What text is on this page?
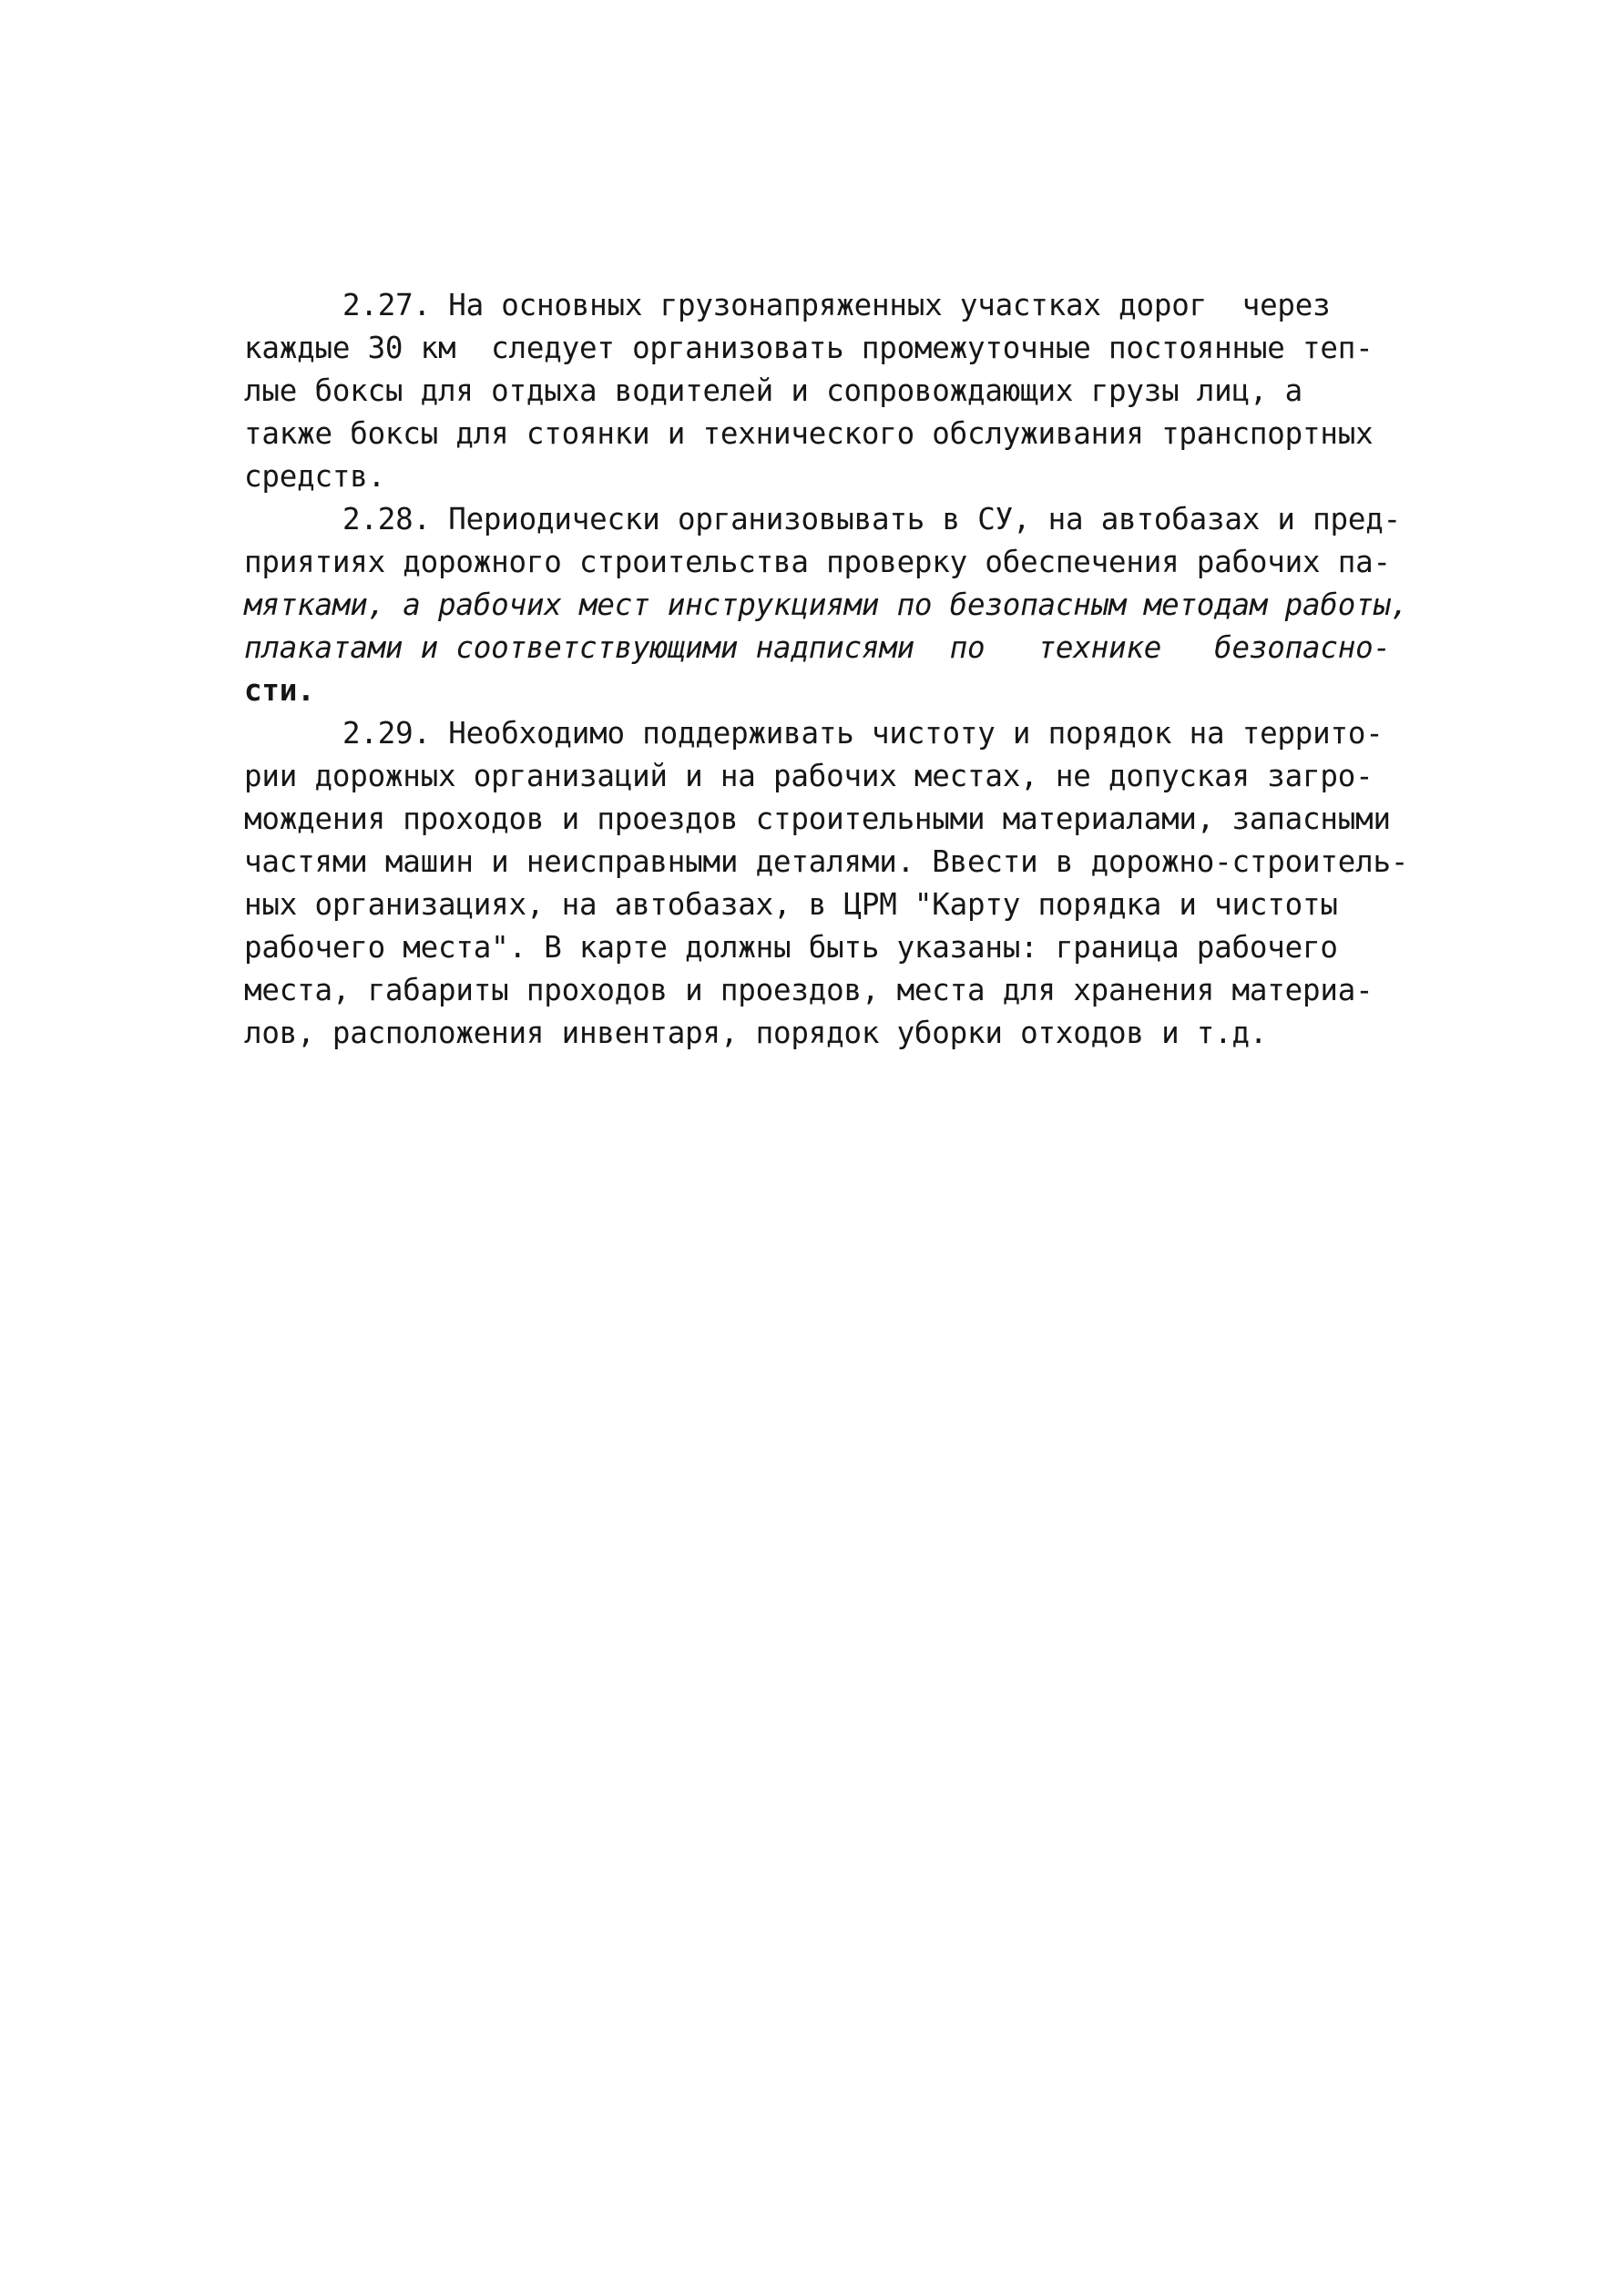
2.27. На основных грузонапряженных участках дорог  через
каждые 30 км  следует организовать промежуточные постоянные теп-
лые боксы для отдыха водителей и сопровождающих грузы лиц, а
также боксы для стоянки и технического обслуживания транспортных
средств.
2.28. Периодически организовывать в СУ, на автобазах и пред-
приятиях дорожного строительства проверку обеспечения рабочих па-
мятками, а рабочих мест инструкциями по безопасным методам работы,
плакатами и соответствующими надписями  по   технике   безопасно-
сти.
2.29. Необходимо поддерживать чистоту и порядок на террито-
рии дорожных организаций и на рабочих местах, не допуская загро-
мождения проходов и проездов строительными материалами, запасными
частями машин и неисправными деталями. Ввести в дорожно-строитель-
ных организациях, на автобазах, в ЦРМ "Карту порядка и чистоты
рабочего места". В карте должны быть указаны: граница рабочего
места, габариты проходов и проездов, места для хранения материа-
лов, расположения инвентаря, порядок уборки отходов и т.д.
